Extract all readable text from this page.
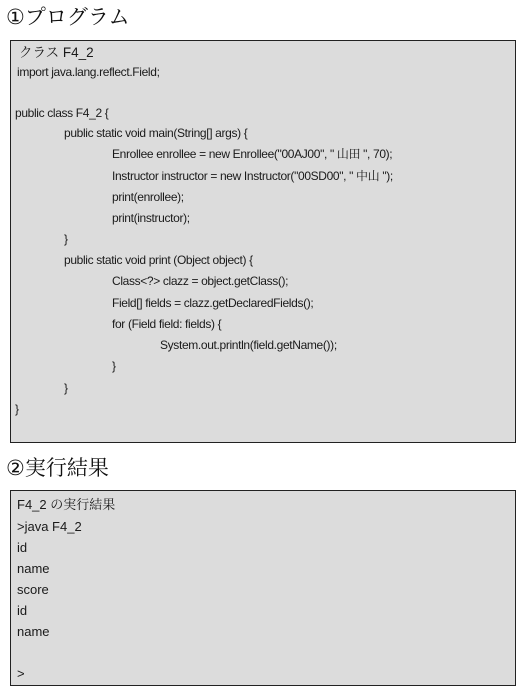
①プログラム
クラス F4_2
import java.lang.reflect.Field;
public class F4_2 {
public static void main(String[] args) {
Enrollee enrollee = new Enrollee("00AJ00", " 山田 ", 70);
Instructor instructor = new Instructor("00SD00", " 中山 ");
print(enrollee);
print(instructor);
}
public static void print (Object object) {
Class<?> clazz = object.getClass();
Field[] fields = clazz.getDeclaredFields();
for (Field field: fields) {
System.out.println(field.getName());
}
}
}
②実行結果
F4_2 の実行結果
>java F4_2
id
name
score
id
name
>
